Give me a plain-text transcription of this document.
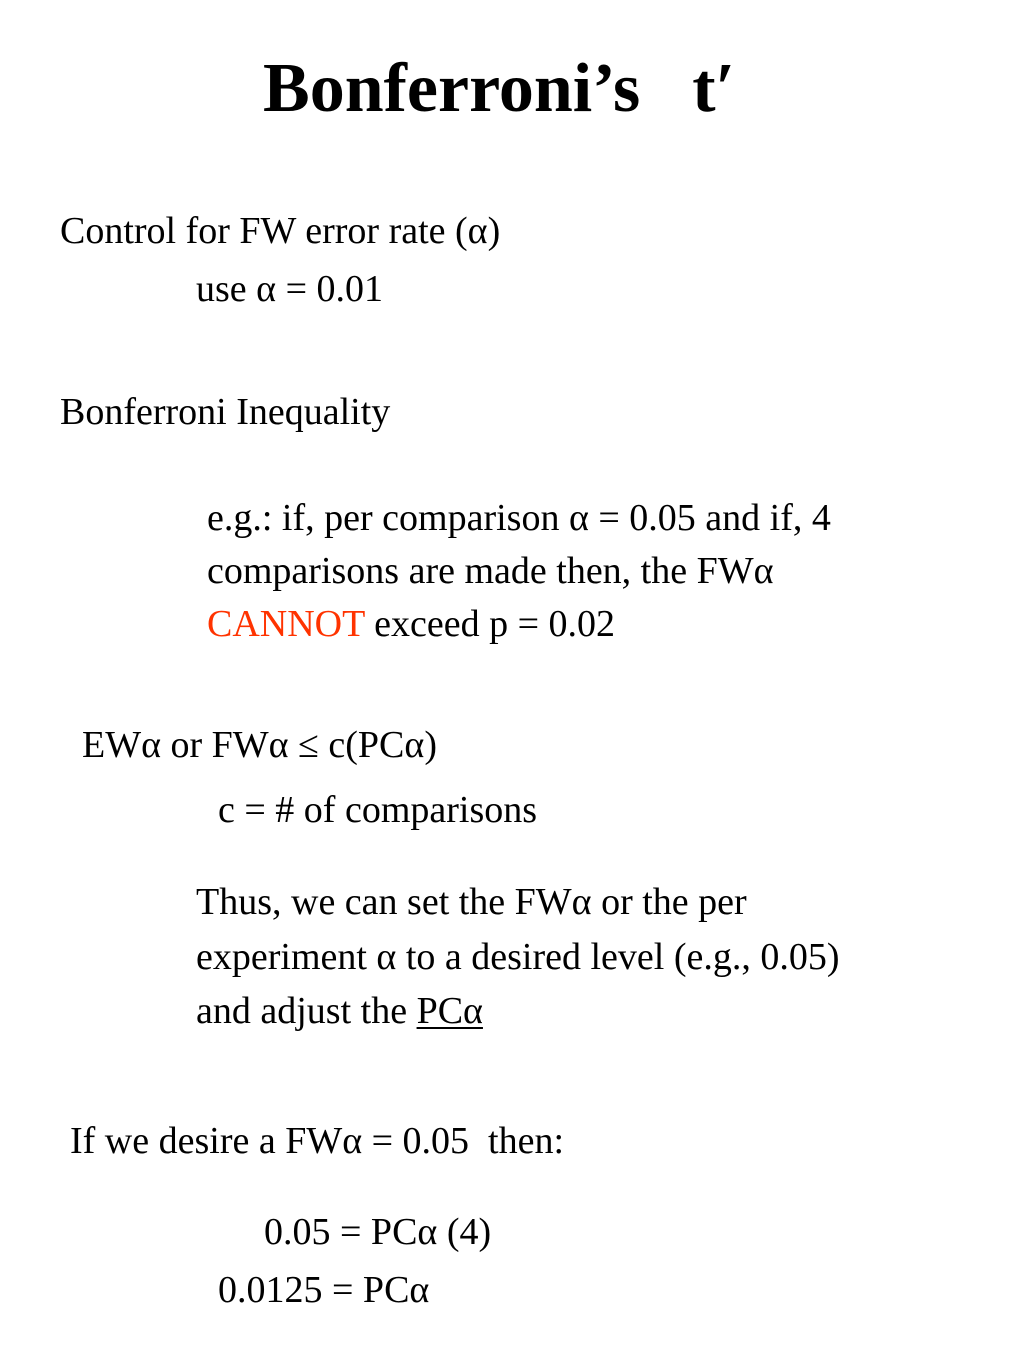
Bonferroni’s t′

Control for FW error rate (α)

use α = 0.01

Bonferroni Inequality

e.g.: if, per comparison α = 0.05 and if, 4

comparisons are made then, the FWα

CANNOT exceed p = 0.02

EWα or FWα ≤ c(PCα)

c = # of comparisons

Thus, we can set the FWα or the per

experiment α to a desired level (e.g., 0.05)

and adjust the PCα

If we desire a FWα = 0.05  then:

0.05 = PCα (4)

0.0125 = PCα
